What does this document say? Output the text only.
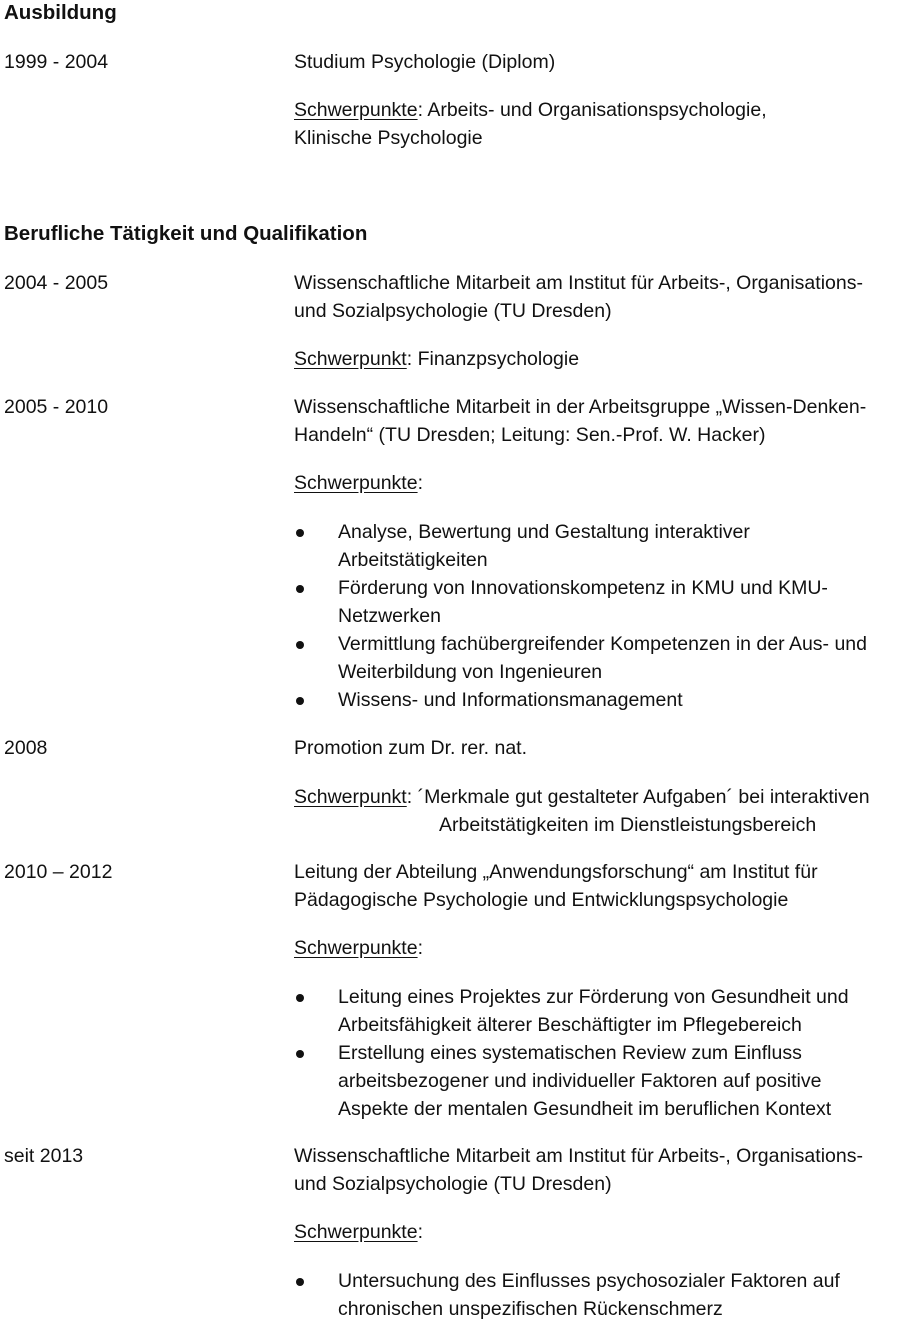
Ausbildung
1999 - 2004	Studium Psychologie (Diplom)
Schwerpunkte: Arbeits- und Organisationspsychologie,
Klinische Psychologie
Berufliche Tätigkeit und Qualifikation
2004 - 2005	Wissenschaftliche Mitarbeit am Institut für Arbeits-, Organisations-
und Sozialpsychologie (TU Dresden)
Schwerpunkt: Finanzpsychologie
2005 - 2010	Wissenschaftliche Mitarbeit in der Arbeitsgruppe „Wissen-Denken-
Handeln“ (TU Dresden; Leitung: Sen.-Prof. W. Hacker)
Schwerpunkte:
Analyse, Bewertung und Gestaltung interaktiver
Arbeitstätigkeiten
Förderung von Innovationskompetenz in KMU und KMU-
Netzwerken
Vermittlung fachübergreifender Kompetenzen in der Aus- und
Weiterbildung von Ingenieuren
Wissens- und Informationsmanagement
2008	Promotion zum Dr. rer. nat.
Schwerpunkt: ´Merkmale gut gestalteter Aufgaben´ bei interaktiven
Arbeitstätigkeiten im Dienstleistungsbereich
2010 – 2012	Leitung der Abteilung „Anwendungsforschung“ am Institut für
Pädagogische Psychologie und Entwicklungspsychologie
Schwerpunkte:
Leitung eines Projektes zur Förderung von Gesundheit und
Arbeitsfähigkeit älterer Beschäftigter im Pflegebereich
Erstellung eines systematischen Review zum Einfluss
arbeitsbezogener und individueller Faktoren auf positive
Aspekte der mentalen Gesundheit im beruflichen Kontext
seit 2013	Wissenschaftliche Mitarbeit am Institut für Arbeits-, Organisations-
und Sozialpsychologie (TU Dresden)
Schwerpunkte:
Untersuchung des Einflusses psychosozialer Faktoren auf
chronischen unspezifischen Rückenschmerz
